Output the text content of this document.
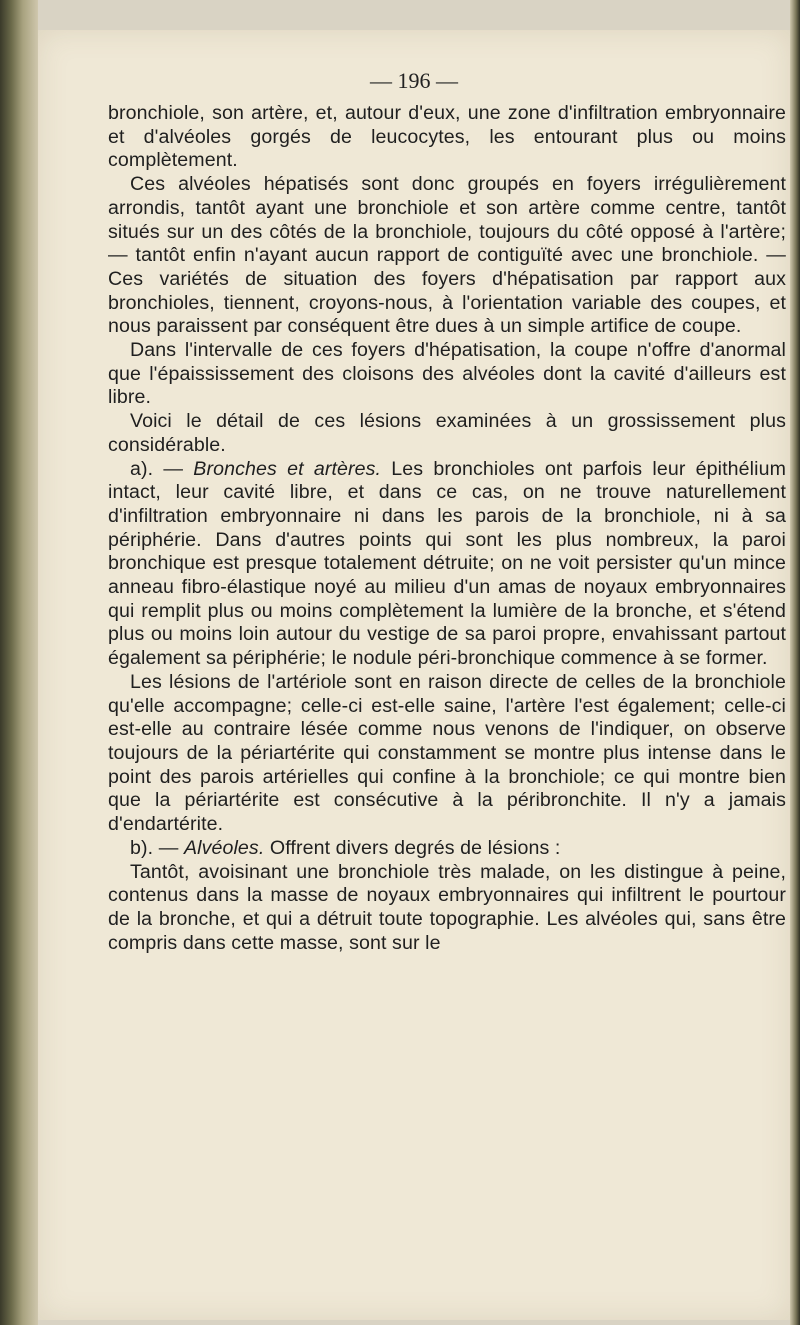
— 196 —

bronchiole, son artère, et, autour d'eux, une zone d'infiltration embryonnaire et d'alvéoles gorgés de leucocytes, les entourant plus ou moins complètement.

Ces alvéoles hépatisés sont donc groupés en foyers irrégulièrement arrondis, tantôt ayant une bronchiole et son artère comme centre, tantôt situés sur un des côtés de la bronchiole, toujours du côté opposé à l'artère; — tantôt enfin n'ayant aucun rapport de contiguïté avec une bronchiole. — Ces variétés de situation des foyers d'hépatisation par rapport aux bronchioles, tiennent, croyons-nous, à l'orientation variable des coupes, et nous paraissent par conséquent être dues à un simple artifice de coupe.

Dans l'intervalle de ces foyers d'hépatisation, la coupe n'offre d'anormal que l'épaississement des cloisons des alvéoles dont la cavité d'ailleurs est libre.

Voici le détail de ces lésions examinées à un grossissement plus considérable.

a). — Bronches et artères. Les bronchioles ont parfois leur épithélium intact, leur cavité libre, et dans ce cas, on ne trouve naturellement d'infiltration embryonnaire ni dans les parois de la bronchiole, ni à sa périphérie. Dans d'autres points qui sont les plus nombreux, la paroi bronchique est presque totalement détruite; on ne voit persister qu'un mince anneau fibro-élastique noyé au milieu d'un amas de noyaux embryonnaires qui remplit plus ou moins complètement la lumière de la bronche, et s'étend plus ou moins loin autour du vestige de sa paroi propre, envahissant partout également sa périphérie; le nodule péri-bronchique commence à se former.

Les lésions de l'artériole sont en raison directe de celles de la bronchiole qu'elle accompagne; celle-ci est-elle saine, l'artère l'est également; celle-ci est-elle au contraire lésée comme nous venons de l'indiquer, on observe toujours de la périartérite qui constamment se montre plus intense dans le point des parois artérielles qui confine à la bronchiole; ce qui montre bien que la périartérite est consécutive à la péribronchite. Il n'y a jamais d'endartérite.

b). — Alvéoles. Offrent divers degrés de lésions :

Tantôt, avoisinant une bronchiole très malade, on les distingue à peine, contenus dans la masse de noyaux embryonnaires qui infiltrent le pourtour de la bronche, et qui a détruit toute topographie. Les alvéoles qui, sans être compris dans cette masse, sont sur le
